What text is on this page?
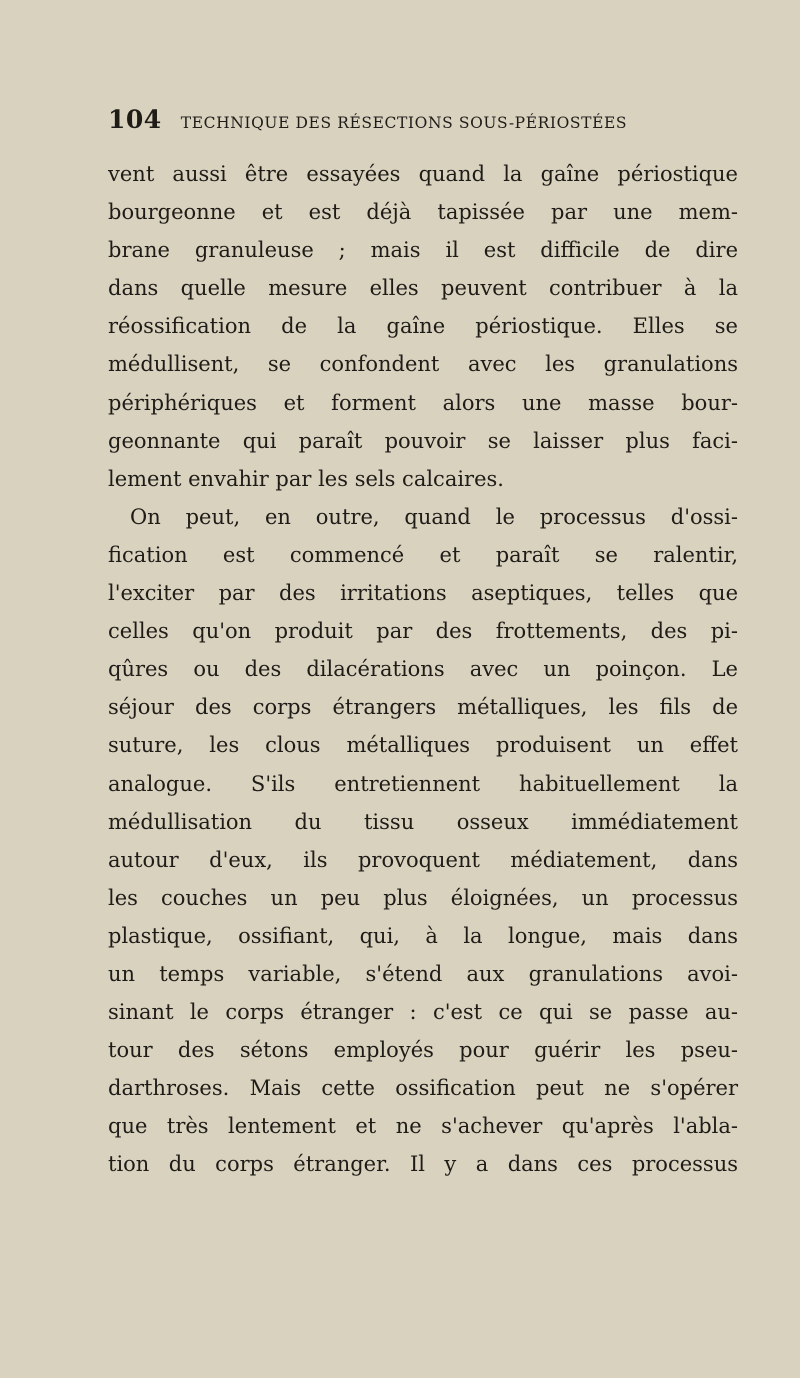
104 TECHNIQUE DES RÉSECTIONS SOUS-PÉRIOSTÉES
vent aussi être essayées quand la gaîne périostique
bourgeonne et est déjà tapissée par une mem-
brane granuleuse ; mais il est difficile de dire
dans quelle mesure elles peuvent contribuer à la
réossification de la gaîne périostique. Elles se
médullisent, se confondent avec les granulations
périphériques et forment alors une masse bour-
geonnante qui paraît pouvoir se laisser plus faci-
lement envahir par les sels calcaires.
On peut, en outre, quand le processus d'ossi-
fication est commencé et paraît se ralentir,
l'exciter par des irritations aseptiques, telles que
celles qu'on produit par des frottements, des pi-
qûres ou des dilacérations avec un poinçon. Le
séjour des corps étrangers métalliques, les fils de
suture, les clous métalliques produisent un effet
analogue. S'ils entretiennent habituellement la
médullisation du tissu osseux immédiatement
autour d'eux, ils provoquent médiatement, dans
les couches un peu plus éloignées, un processus
plastique, ossifiant, qui, à la longue, mais dans
un temps variable, s'étend aux granulations avoi-
sinant le corps étranger : c'est ce qui se passe au-
tour des sétons employés pour guérir les pseu-
darthroses. Mais cette ossification peut ne s'opérer
que très lentement et ne s'achever qu'après l'abla-
tion du corps étranger. Il y a dans ces processus
